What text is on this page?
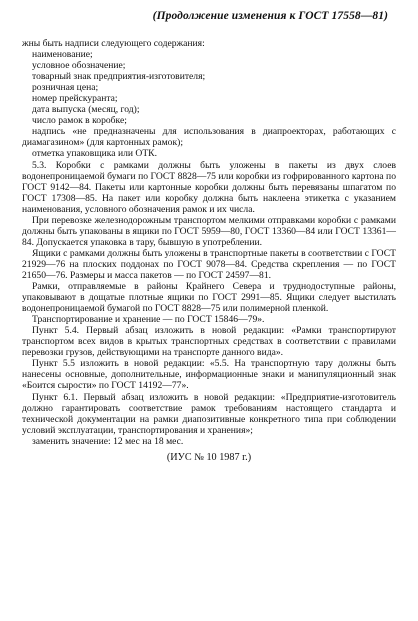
(Продолжение изменения к ГОСТ 17558—81)

жны быть надписи следующего содержания:

наименование;

условное обозначение;

товарный знак предприятия-изготовителя;

розничная цена;

номер прейскуранта;

дата выпуска (месяц, год);

число рамок в коробке;

надпись «не предназначены для использования в диапроекторах, работающих с диамагазином» (для картонных рамок);

отметка упаковщика или ОТК.

5.3. Коробки с рамками должны быть уложены в пакеты из двух слоев водонепроницаемой бумаги по ГОСТ 8828—75 или коробки из гофрированного картона по ГОСТ 9142—84. Пакеты или картонные коробки должны быть перевязаны шпагатом по ГОСТ 17308—85. На пакет или коробку должна быть наклеена этикетка с указанием наименования, условного обозначения рамок и их числа.

При перевозке железнодорожным транспортом мелкими отправками коробки с рамками должны быть упакованы в ящики по ГОСТ 5959—80, ГОСТ 13360—84 или ГОСТ 13361—84. Допускается упаковка в тару, бывшую в употреблении.

Ящики с рамками должны быть уложены в транспортные пакеты в соответствии с ГОСТ 21929—76 на плоских поддонах по ГОСТ 9078—84. Средства скрепления — по ГОСТ 21650—76. Размеры и масса пакетов — по ГОСТ 24597—81.

Рамки, отправляемые в районы Крайнего Севера и труднодоступные районы, упаковывают в дощатые плотные ящики по ГОСТ 2991—85. Ящики следует выстилать водонепроницаемой бумагой по ГОСТ 8828—75 или полимерной пленкой.

Транспортирование и хранение — по ГОСТ 15846—79».

Пункт 5.4. Первый абзац изложить в новой редакции: «Рамки транспортируют транспортом всех видов в крытых транспортных средствах в соответствии с правилами перевозки грузов, действующими на транспорте данного вида».

Пункт 5.5 изложить в новой редакции: «5.5. На транспортную тару должны быть нанесены основные, дополнительные, информационные знаки и манипуляционный знак «Боится сырости» по ГОСТ 14192—77».

Пункт 6.1. Первый абзац изложить в новой редакции: «Предприятие-изготовитель должно гарантировать соответствие рамок требованиям настоящего стандарта и технической документации на рамки диапозитивные конкретного типа при соблюдении условий эксплуатации, транспортирования и хранения»;

заменить значение: 12 мес на 18 мес.

(ИУС № 10 1987 г.)
